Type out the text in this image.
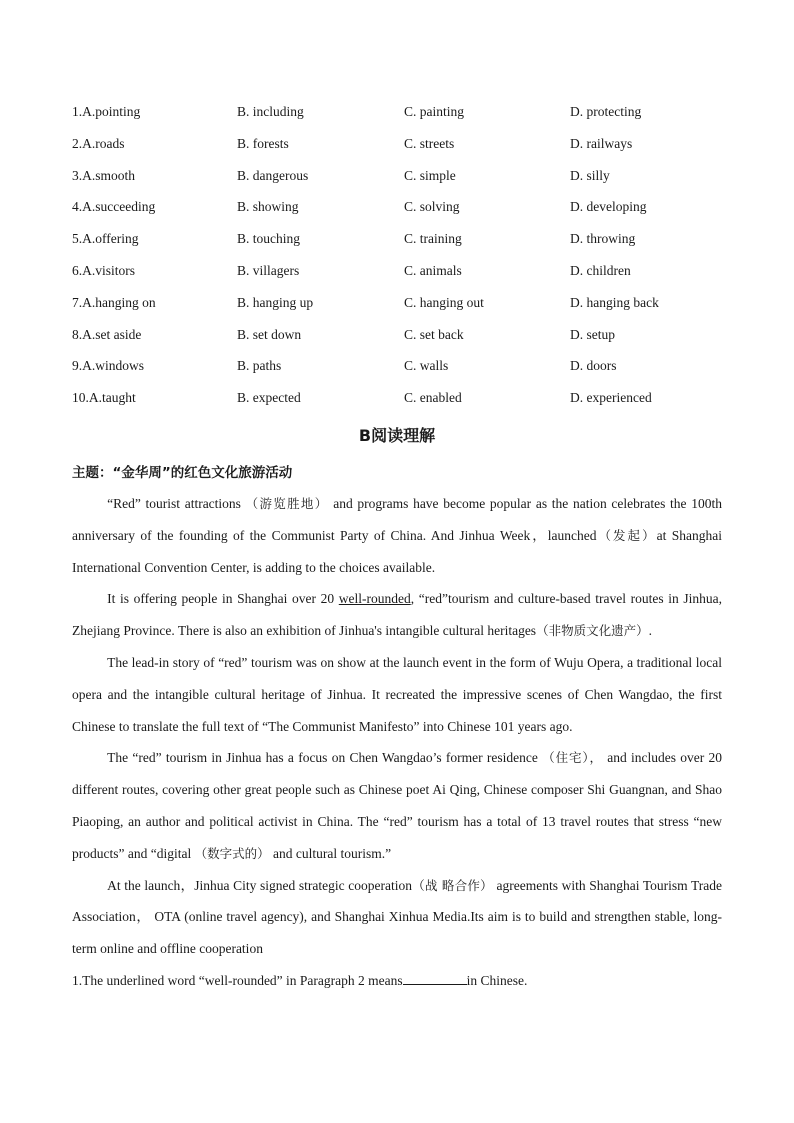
1.A.pointing	B. including	C. painting	D. protecting
2.A.roads	B. forests	C. streets	D. railways
3.A.smooth	B. dangerous	C. simple	D. silly
4.A.succeeding	B. showing	C. solving	D. developing
5.A.offering	B. touching	C. training	D. throwing
6.A.visitors	B. villagers	C. animals	D. children
7.A.hanging on	B. hanging up	C. hanging out	D. hanging back
8.A.set aside	B. set down	C. set back	D. setup
9.A.windows	B. paths	C. walls	D. doors
10.A.taught	B. expected	C. enabled	D. experienced
B阅读理解
主题：“金华周”的红色文化旅游活动

“Red” tourist attractions （游览胜地） and programs have become popular as the nation celebrates the 100th anniversary of the founding of the Communist Party of China. And Jinhua Week，launched（发起）at Shanghai International Convention Center, is adding to the choices available.

It is offering people in Shanghai over 20 well-rounded, “red”tourism and culture-based travel routes in Jinhua, Zhejiang Province. There is also an exhibition of Jinhua's intangible cultural heritages（非物质文化遗产）.

The lead-in story of “red” tourism was on show at the launch event in the form of Wuju Opera, a traditional local opera and the intangible cultural heritage of Jinhua. It recreated the impressive scenes of Chen Wangdao, the first Chinese to translate the full text of “The Communist Manifesto” into Chinese 101 years ago.

The “red” tourism in Jinhua has a focus on Chen Wangdao’s former residence （住宅）， and includes over 20 different routes, covering other great people such as Chinese poet Ai Qing, Chinese composer Shi Guangnan, and Shao Piaoping, an author and political activist in China. The “red” tourism has a total of 13 travel routes that stress “new products” and “digital （数字式的） and cultural tourism.”

At the launch，Jinhua City signed strategic cooperation（战 略合作） agreements with Shanghai Tourism Trade Association， OTA (online travel agency), and Shanghai Xinhua Media.Its aim is to build and strengthen stable, long-term online and offline cooperation

1.The underlined word “well-rounded” in Paragraph 2 means	in Chinese.
